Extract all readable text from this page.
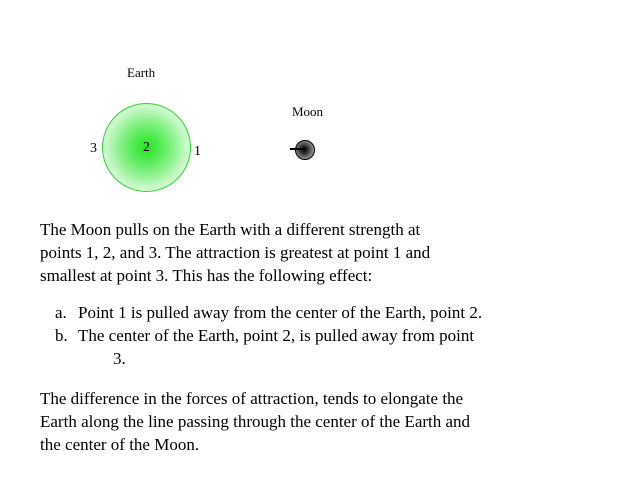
Earth
2
3	1
Moon
The Moon pulls on the Earth with a different strength at
points 1, 2, and 3. The attraction is greatest at point 1 and
smallest at point 3. This has the following effect:
a. Point 1 is pulled away from the center of the Earth, point 2.
b. The center of the Earth, point 2, is pulled away from point
3.
The difference in the forces of attraction, tends to elongate the
Earth along the line passing through the center of the Earth and
the center of the Moon.
